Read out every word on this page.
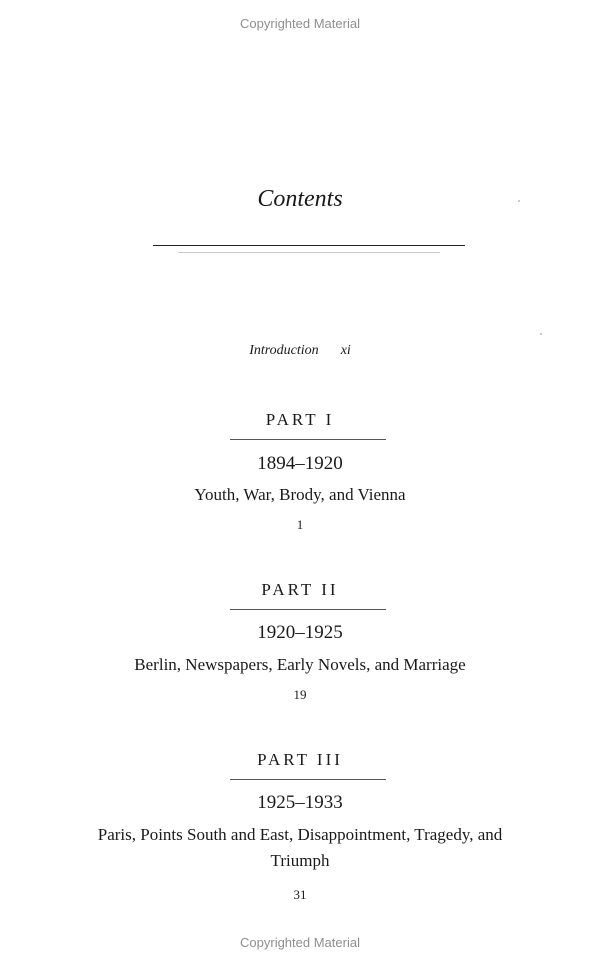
Copyrighted Material
Contents
Introduction xi
PART I
1894–1920
Youth, War, Brody, and Vienna
1
PART II
1920–1925
Berlin, Newspapers, Early Novels, and Marriage
19
PART III
1925–1933
Paris, Points South and East, Disappointment, Tragedy, and Triumph
31
Copyrighted Material
